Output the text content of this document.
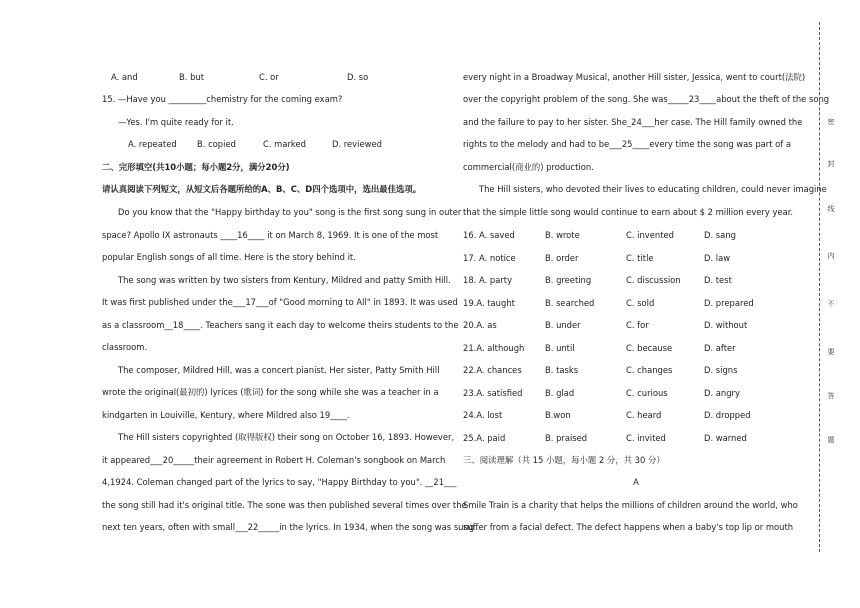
A. and	B. but	C. or	D. so
15. —Have you _________chemistry for the coming exam?
—Yes. I'm quite ready for it.
A. repeated B. copied	C. marked	D. reviewed
二、完形填空(共10小题；每小题2分，满分20分)
请认真阅读下列短文，从短文后各题所给的A、B、C、D四个选项中，选出最佳选项。
Do you know that the "Happy birthday to you" song is the first song sung in outer
space? Apollo IX astronauts ____16____ it on March 8, 1969. It is one of the most
popular English songs of all time. Here is the story behind it.
The song was written by two sisters from Kentury, Mildred and patty Smith Hill.
It was first published under the___17___of "Good morning to All" in 1893. It was used
as a classroom__18____. Teachers sang it each day to welcome theirs students to the
classroom.
The composer, Mildred Hill, was a concert pianist. Her sister, Patty Smith Hill
wrote the original(最初的) lyrices (歌词) for the song while she was a teacher in a
kindgarten in Louiville, Kentury, where Mildred also 19____.
The Hill sisters copyrighted (取得版权) their song on October 16, 1893. However,
it appeared___20_____their agreement in Robert H. Coleman's songbook on March
4,1924. Coleman changed part of the lyrics to say, "Happy Birthday to you". __21___
the song still had it's original title. The sone was then published several times over the
next ten years, often with small___22_____in the lyrics. In 1934, when the song was sung
every night in a Broadway Musical, another Hill sister, Jessica, went to court(法院)
over the copyright problem of the song. She was_____23____about the theft of the song
and the failure to pay to her sister. She_24___her case. The Hill family owned the
rights to the melody and had to be___25____every time the song was part of a
commercial(商业的) production.
The Hill sisters, who devoted their lives to educating children, could never imagine
that the simple little song would continue to earn about $ 2 million every year.
16. A. saved	B. wrote	C. invented	D. sang
17. A. notice	B. order	C. title	D. law
18. A. party	B. greeting	C. discussion	D. test
19.A. taught	B. searched	C. sold	D. prepared
20.A. as	B. under	C. for	D. without
21.A. although B. until	C. because	D. after
22.A. chances	B. tasks	C. changes	D. signs
23.A. satisfied	B. glad	C. curious	D. angry
24.A. lost	B.won	C. heard	D. dropped
25.A. paid	B. praised	C. invited	D. warned
三、阅读理解（共 15 小题，每小题 2 分，共 30 分）
A
Smile Train is a charity that helps the millions of children around the world, who
suffer from a facial defect. The defect happens when a baby's top lip or mouth
密
封
线
内
不
要
答
题
